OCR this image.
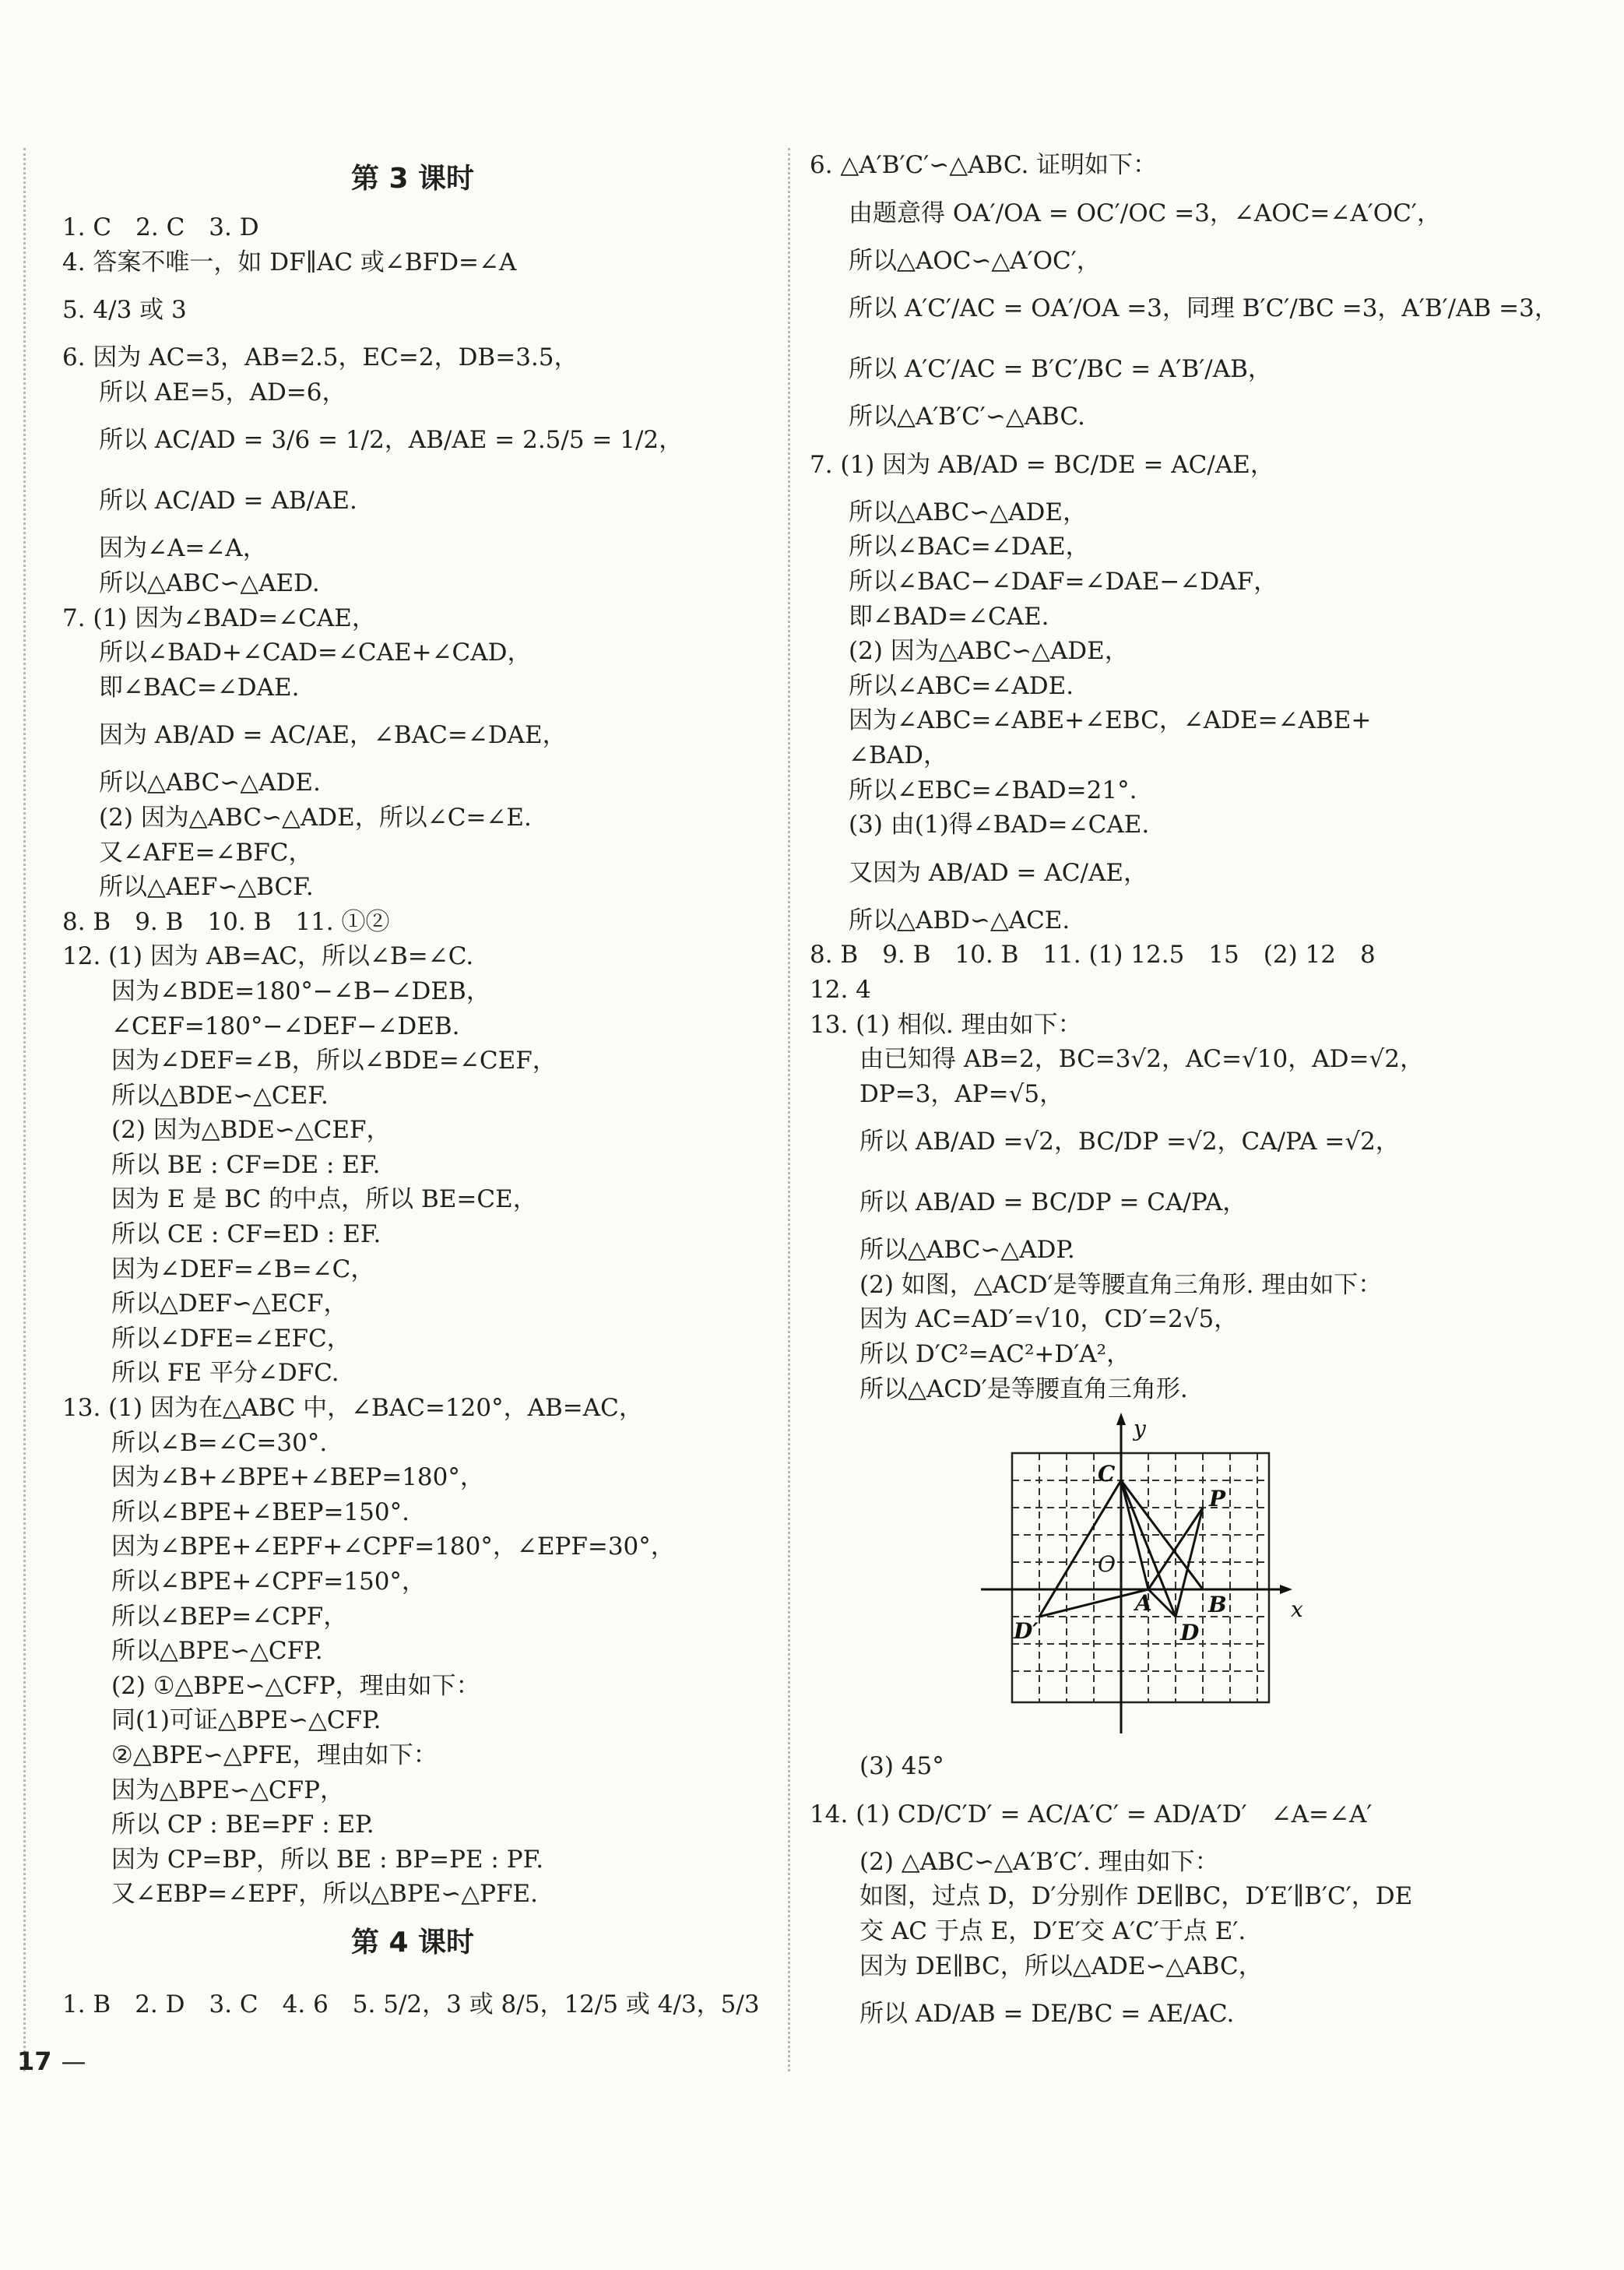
第 3 课时
1. C　2. C　3. D
4. 答案不唯一，如 DF∥AC 或∠BFD=∠A
5. 4/3 或 3
6. 因为 AC=3，AB=2.5，EC=2，DB=3.5，
所以 AE=5，AD=6，
所以 AC/AD = 3/6 = 1/2，AB/AE = 2.5/5 = 1/2，
所以 AC/AD = AB/AE.
因为∠A=∠A，
所以△ABC∽△AED.
7. (1) 因为∠BAD=∠CAE，
所以∠BAD+∠CAD=∠CAE+∠CAD，
即∠BAC=∠DAE.
因为 AB/AD = AC/AE，∠BAC=∠DAE，
所以△ABC∽△ADE.
(2) 因为△ABC∽△ADE，所以∠C=∠E.
又∠AFE=∠BFC，
所以△AEF∽△BCF.
8. B　9. B　10. B　11. ①②
12. (1) 因为 AB=AC，所以∠B=∠C.
因为∠BDE=180°−∠B−∠DEB，
∠CEF=180°−∠DEF−∠DEB.
因为∠DEF=∠B，所以∠BDE=∠CEF，
所以△BDE∽△CEF.
(2) 因为△BDE∽△CEF，
所以 BE : CF=DE : EF.
因为 E 是 BC 的中点，所以 BE=CE，
所以 CE : CF=ED : EF.
因为∠DEF=∠B=∠C，
所以△DEF∽△ECF，
所以∠DFE=∠EFC，
所以 FE 平分∠DFC.
13. (1) 因为在△ABC 中，∠BAC=120°，AB=AC，
所以∠B=∠C=30°.
因为∠B+∠BPE+∠BEP=180°，
所以∠BPE+∠BEP=150°.
因为∠BPE+∠EPF+∠CPF=180°，∠EPF=30°，
所以∠BPE+∠CPF=150°，
所以∠BEP=∠CPF，
所以△BPE∽△CFP.
(2) ①△BPE∽△CFP，理由如下：
同(1)可证△BPE∽△CFP.
②△BPE∽△PFE，理由如下：
因为△BPE∽△CFP，
所以 CP : BE=PF : EP.
因为 CP=BP，所以 BE : BP=PE : PF.
又∠EBP=∠EPF，所以△BPE∽△PFE.
第 4 课时
1. B　2. D　3. C　4. 6　5. 5/2，3 或 8/5，12/5 或 4/3，5/3
6. △A′B′C′∽△ABC. 证明如下：
由题意得 OA′/OA = OC′/OC =3，∠AOC=∠A′OC′，
所以△AOC∽△A′OC′，
所以 A′C′/AC = OA′/OA =3，同理 B′C′/BC =3，A′B′/AB =3，
所以 A′C′/AC = B′C′/BC = A′B′/AB，
所以△A′B′C′∽△ABC.
7. (1) 因为 AB/AD = BC/DE = AC/AE，
所以△ABC∽△ADE，
所以∠BAC=∠DAE，
所以∠BAC−∠DAF=∠DAE−∠DAF，
即∠BAD=∠CAE.
(2) 因为△ABC∽△ADE，
所以∠ABC=∠ADE.
因为∠ABC=∠ABE+∠EBC，∠ADE=∠ABE+
∠BAD，
所以∠EBC=∠BAD=21°.
(3) 由(1)得∠BAD=∠CAE.
又因为 AB/AD = AC/AE，
所以△ABD∽△ACE.
8. B　9. B　10. B　11. (1) 12.5　15　(2) 12　8
12. 4
13. (1) 相似. 理由如下：
由已知得 AB=2，BC=3√2，AC=√10，AD=√2，
DP=3，AP=√5，
所以 AB/AD =√2，BC/DP =√2，CA/PA =√2，
所以 AB/AD = BC/DP = CA/PA，
所以△ABC∽△ADP.
(2) 如图，△ACD′是等腰直角三角形. 理由如下：
因为 AC=AD′=√10，CD′=2√5，
所以 D′C²=AC²+D′A²，
所以△ACD′是等腰直角三角形.
y
x
C
P
O
A	B
D
D′
(3) 45°
14. (1) CD/C′D′ = AC/A′C′ = AD/A′D′　∠A=∠A′
(2) △ABC∽△A′B′C′. 理由如下：
如图，过点 D，D′分别作 DE∥BC，D′E′∥B′C′，DE
交 AC 于点 E，D′E′交 A′C′于点 E′.
因为 DE∥BC，所以△ADE∽△ABC，
所以 AD/AB = DE/BC = AE/AC.
17 —
